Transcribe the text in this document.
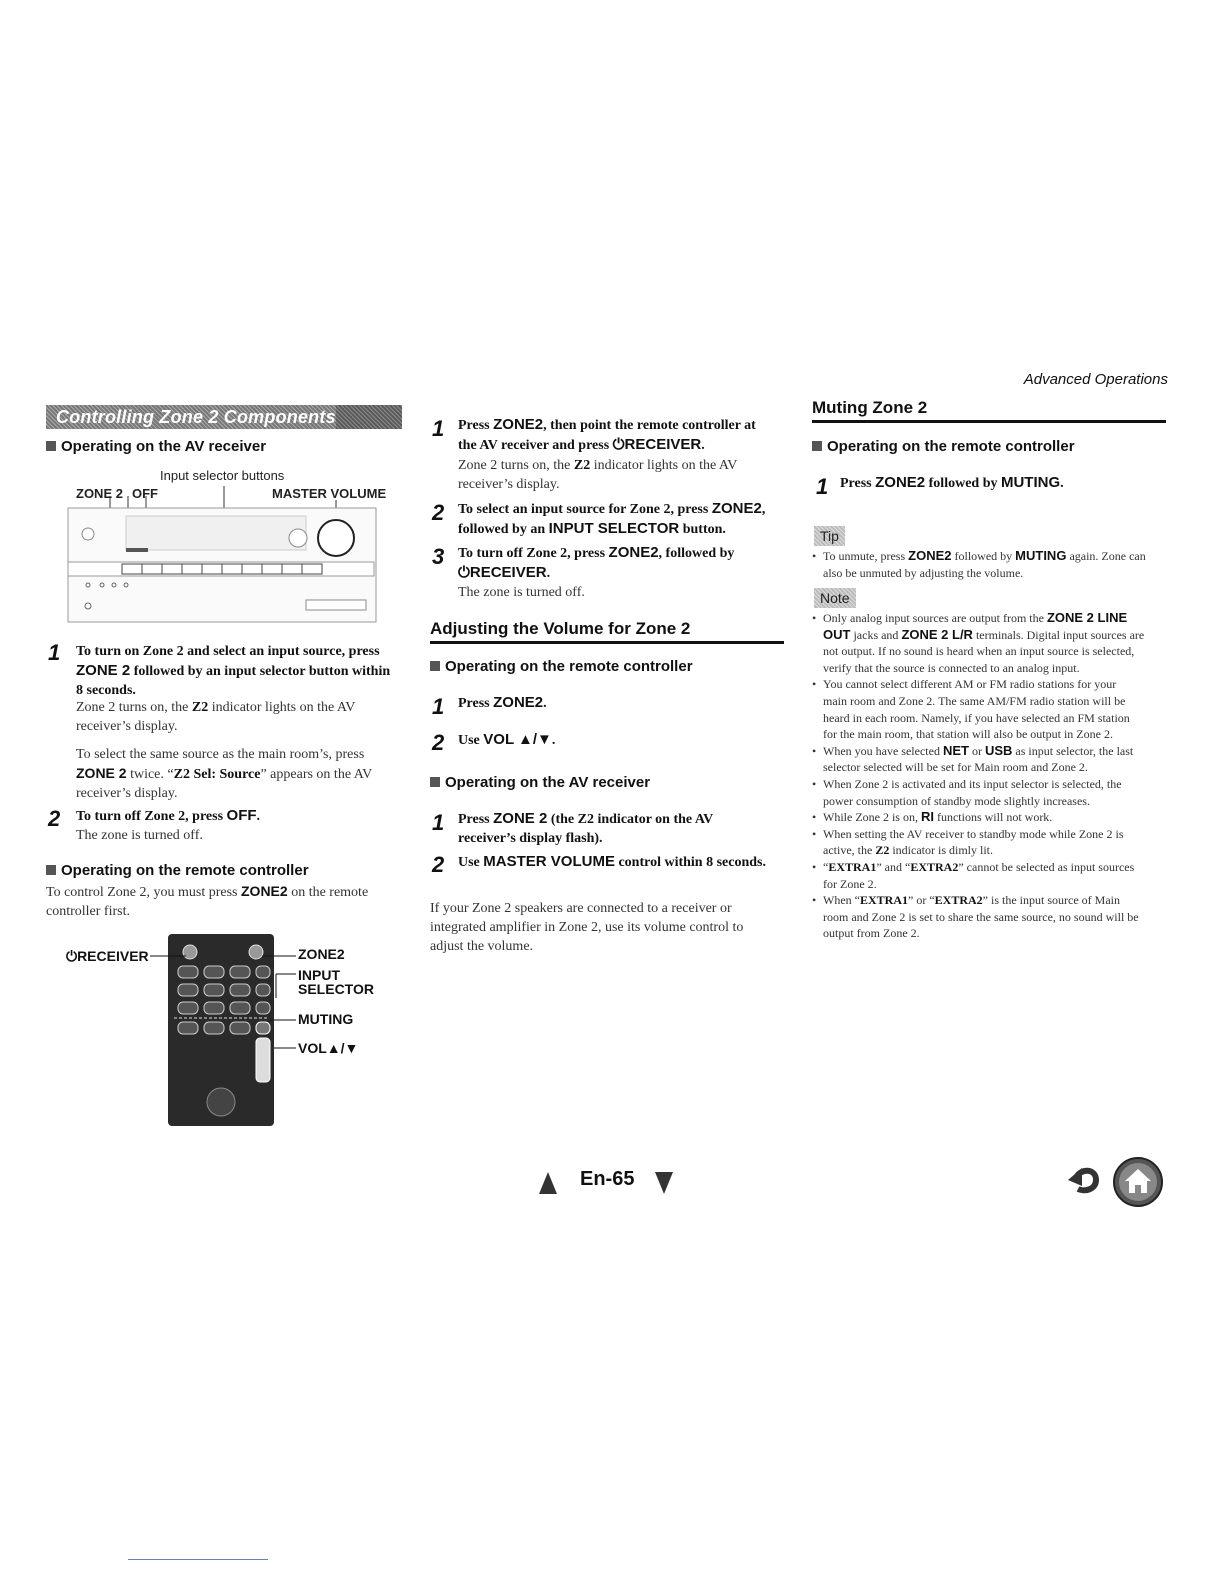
Advanced Operations
Controlling Zone 2 Components
Operating on the AV receiver
Input selector buttons
ZONE 2 OFF	MASTER VOLUME
1 To turn on Zone 2 and select an input source, press
ZONE 2 followed by an input selector button within
8 seconds.
Zone 2 turns on, the Z2 indicator lights on the AV
receiver’s display.
To select the same source as the main room’s, press
ZONE 2 twice. “Z2 Sel: Source” appears on the AV
receiver’s display.
2 To turn off Zone 2, press OFF.
The zone is turned off.
Operating on the remote controller
To control Zone 2, you must press ZONE2 on the remote
controller first.
⏻RECEIVER	ZONE2
INPUT
SELECTOR
MUTING
VOL▲/▼
1 Press ZONE2, then point the remote controller at
the AV receiver and press ⏻RECEIVER.
Zone 2 turns on, the Z2 indicator lights on the AV
receiver’s display.
2 To select an input source for Zone 2, press ZONE2,
followed by an INPUT SELECTOR button.
3 To turn off Zone 2, press ZONE2, followed by
⏻RECEIVER.
The zone is turned off.
Adjusting the Volume for Zone 2
Operating on the remote controller
1 Press ZONE2.
2 Use VOL ▲/▼.
Operating on the AV receiver
1 Press ZONE 2 (the Z2 indicator on the AV
receiver’s display flash).
2 Use MASTER VOLUME control within 8 seconds.
If your Zone 2 speakers are connected to a receiver or
integrated amplifier in Zone 2, use its volume control to
adjust the volume.
Muting Zone 2
Operating on the remote controller
1 Press ZONE2 followed by MUTING.
Tip
• To unmute, press ZONE2 followed by MUTING again. Zone can
also be unmuted by adjusting the volume.
Note
• Only analog input sources are output from the ZONE 2 LINE
OUT jacks and ZONE 2 L/R terminals. Digital input sources are
not output. If no sound is heard when an input source is selected,
verify that the source is connected to an analog input.
• You cannot select different AM or FM radio stations for your
main room and Zone 2. The same AM/FM radio station will be
heard in each room. Namely, if you have selected an FM station
for the main room, that station will also be output in Zone 2.
• When you have selected NET or USB as input selector, the last
selector selected will be set for Main room and Zone 2.
• When Zone 2 is activated and its input selector is selected, the
power consumption of standby mode slightly increases.
• While Zone 2 is on, RI functions will not work.
• When setting the AV receiver to standby mode while Zone 2 is
active, the Z2 indicator is dimly lit.
• “EXTRA1” and “EXTRA2” cannot be selected as input sources
for Zone 2.
• When “EXTRA1” or “EXTRA2” is the input source of Main
room and Zone 2 is set to share the same source, no sound will be
output from Zone 2.
En-65
